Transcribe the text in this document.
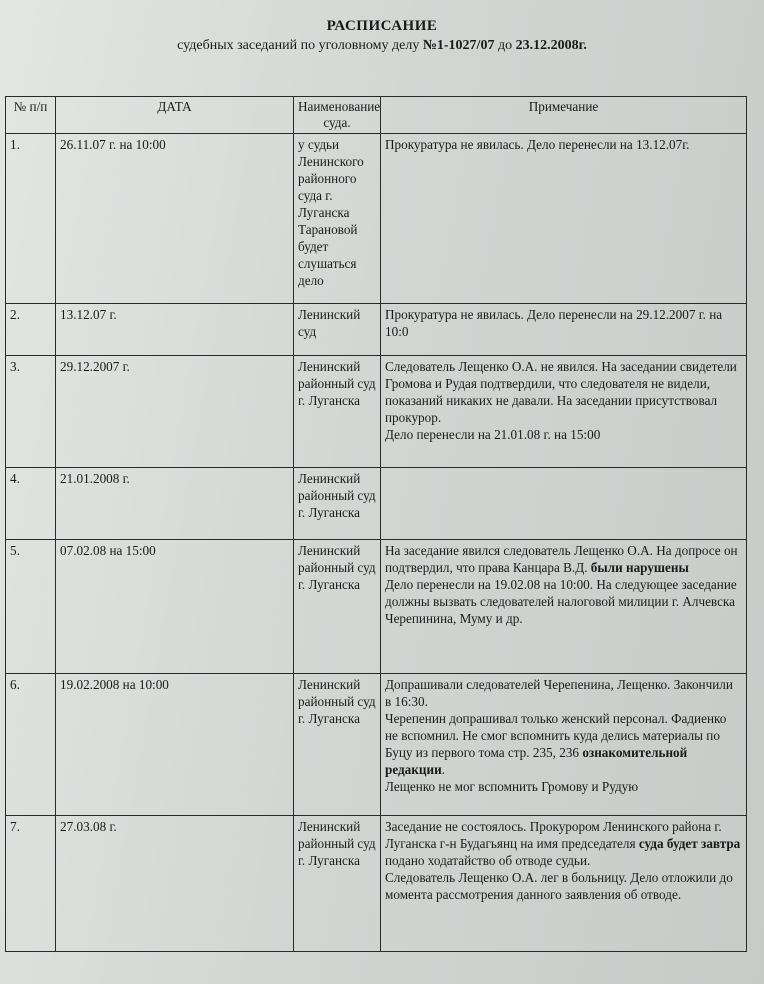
РАСПИСАНИЕ
судебных заседаний по уголовному делу №1-1027/07 до 23.12.2008г.
№ п/п	ДАТА	Наименование суда.	Примечание
1.	26.11.07 г. на 10:00	у судьи Ленинского районного суда г. Луганска Тарановой будет слушаться дело	Прокуратура не явилась. Дело перенесли на 13.12.07г.

2.	13.12.07 г.	Ленинский суд	Прокуратура не явилась. Дело перенесли на 29.12.2007 г. на 10:0

3.	29.12.2007 г.	Ленинский районный суд г. Луганска	Следователь Лещенко О.А. не явился. На заседании свидетели Громова и Рудая подтвердили, что следователя не видели, показаний никаких не давали. На заседании присутствовал прокурор.
Дело перенесли на 21.01.08 г. на 15:00

4.	21.01.2008 г.	Ленинский районный суд г. Луганска	
5.	07.02.08 на 15:00	Ленинский районный суд г. Луганска	На заседание явился следователь Лещенко О.А. На допросе он подтвердил, что права Канцара В.Д. были нарушены
Дело перенесли на 19.02.08 на 10:00. На следующее заседание должны вызвать следователей налоговой милиции г. Алчевска Черепинина, Муму и др.

6.	19.02.2008 на 10:00	Ленинский районный суд г. Луганска	Допрашивали следователей Черепенина, Лещенко. Закончили в 16:30.
Черепенин допрашивал только женский персонал. Фадиенко не вспомнил. Не смог вспомнить куда делись материалы по Буцу из первого тома стр. 235, 236 ознакомительной редакции.
Лещенко не мог вспомнить Громову и Рудую

7.	27.03.08 г.	Ленинский районный суд г. Луганска	Заседание не состоялось. Прокурором Ленинского района г. Луганска г-н Будагьянц на имя председателя суда будет завтра подано ходатайство об отводе судьи.
Следователь Лещенко О.А. лег в больницу. Дело отложили до момента рассмотрения данного заявления об отводе.
